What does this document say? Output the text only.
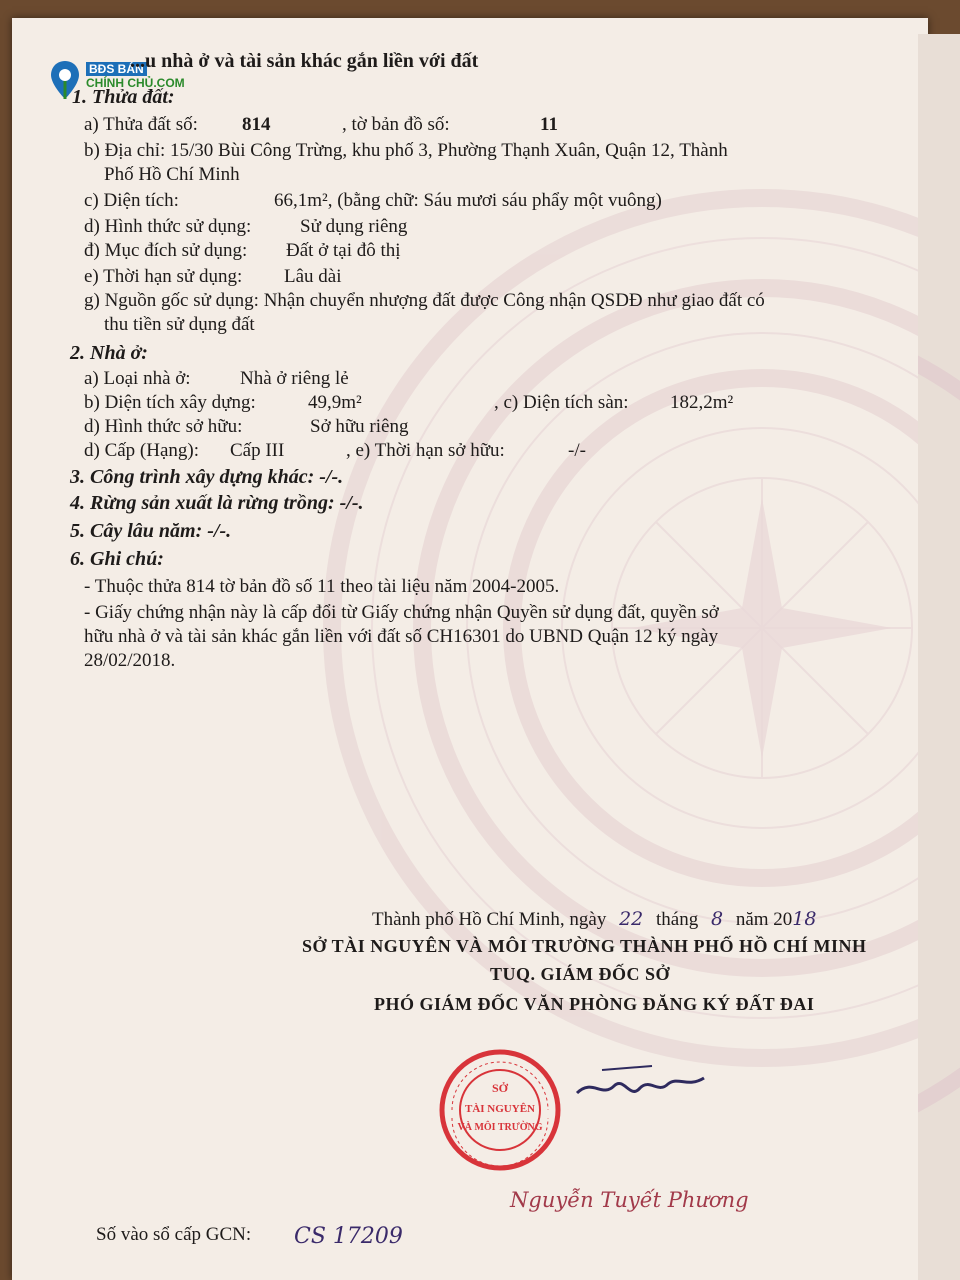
BĐS BÁN
CHÍNH CHỦ.COM
...u nhà ở và tài sản khác gắn liền với đất
1. Thửa đất:
a) Thửa đất số: 814	, tờ bản đồ số:	11
b) Địa chỉ: 15/30 Bùi Công Trừng, khu phố 3, Phường Thạnh Xuân, Quận 12, Thành
Phố Hồ Chí Minh
c) Diện tích:	66,1m², (bằng chữ: Sáu mươi sáu phẩy một vuông)
d) Hình thức sử dụng:	Sử dụng riêng
đ) Mục đích sử dụng: Đất ở tại đô thị
e) Thời hạn sử dụng: Lâu dài
g) Nguồn gốc sử dụng: Nhận chuyển nhượng đất được Công nhận QSDĐ như giao đất có
thu tiền sử dụng đất
2. Nhà ở:
a) Loại nhà ở:	Nhà ở riêng lẻ
b) Diện tích xây dựng:	49,9m²	, c) Diện tích sàn: 182,2m²
d) Hình thức sở hữu:	Sở hữu riêng
d) Cấp (Hạng): Cấp III	, e) Thời hạn sở hữu:	-/-
3. Công trình xây dựng khác: -/-.
4. Rừng sản xuất là rừng trồng: -/-.
5. Cây lâu năm: -/-.
6. Ghi chú:
- Thuộc thửa 814 tờ bản đồ số 11 theo tài liệu năm 2004-2005.
- Giấy chứng nhận này là cấp đổi từ Giấy chứng nhận Quyền sử dụng đất, quyền sở
hữu nhà ở và tài sản khác gắn liền với đất số CH16301 do UBND Quận 12 ký ngày
28/02/2018.
Thành phố Hồ Chí Minh, ngày 22 tháng 8 năm 2018
SỞ TÀI NGUYÊN VÀ MÔI TRƯỜNG THÀNH PHỐ HỒ CHÍ MINH
TUQ. GIÁM ĐỐC SỞ
PHÓ GIÁM ĐỐC VĂN PHÒNG ĐĂNG KÝ ĐẤT ĐAI
SỞ
TÀI NGUYÊN
VÀ MÔI TRƯỜNG
Nguyễn Tuyết Phương
Số vào sổ cấp GCN: CS 17209
